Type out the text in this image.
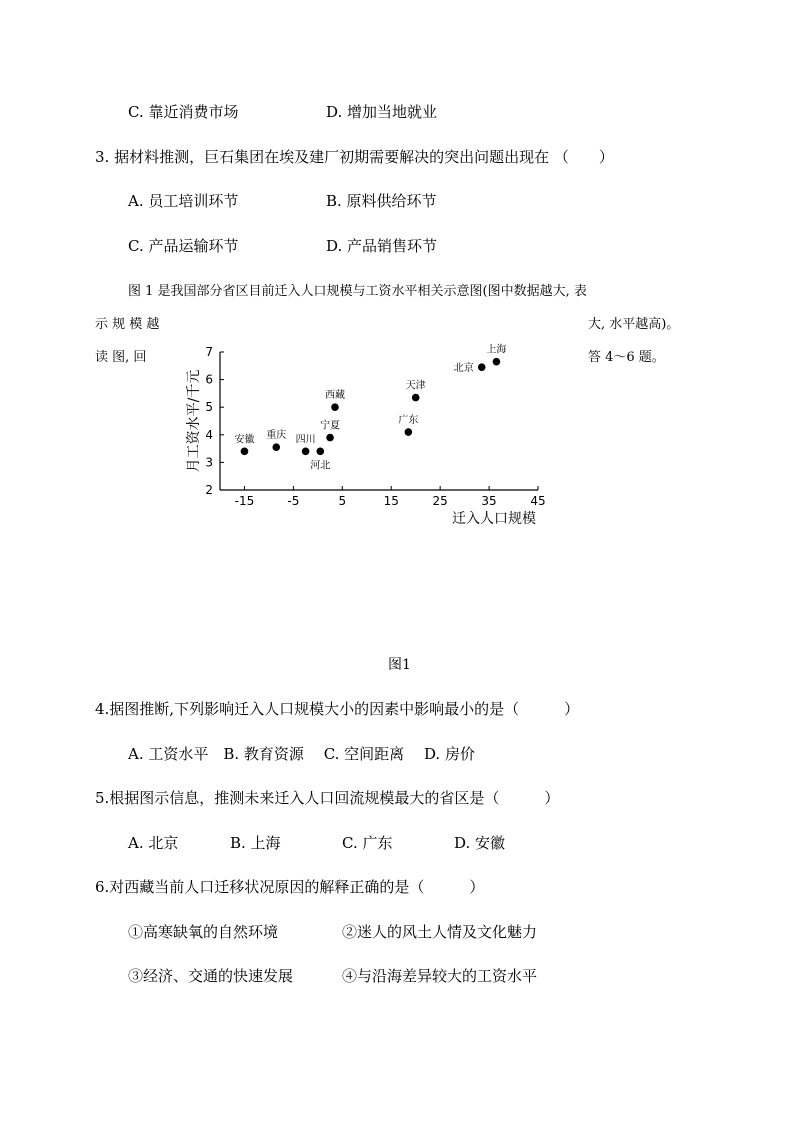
C. 靠近消费市场	D. 增加当地就业
3. 据材料推测，巨石集团在埃及建厂初期需要解决的突出问题出现在 （　　）
A. 员工培训环节	B. 原料供给环节
C. 产品运输环节	D. 产品销售环节
图 1 是我国部分省区目前迁入人口规模与工资水平相关示意图(图中数据越大, 表
示 规 模 越	大, 水平越高)。
读 图, 回	答 4～6 题。
2
3
4
5
6
7
-15	-5	5	15	25	35	45
迁入人口规模
月工资水平/千元	安徽 重庆 四川
河北
宁夏
西藏
广东
天津
北京
上海
图1
4.据图推断,下列影响迁入人口规模大小的因素中影响最小的是（　　　）
A. 工资水平　B. 教育资源　 C. 空间距离　 D. 房价
5.根据图示信息，推测未来迁入人口回流规模最大的省区是（　　　）
A. 北京	B. 上海	C. 广东	D. 安徽
6.对西藏当前人口迁移状况原因的解释正确的是（　　　）
①高寒缺氧的自然环境	②迷人的风土人情及文化魅力
③经济、交通的快速发展	④与沿海差异较大的工资水平
